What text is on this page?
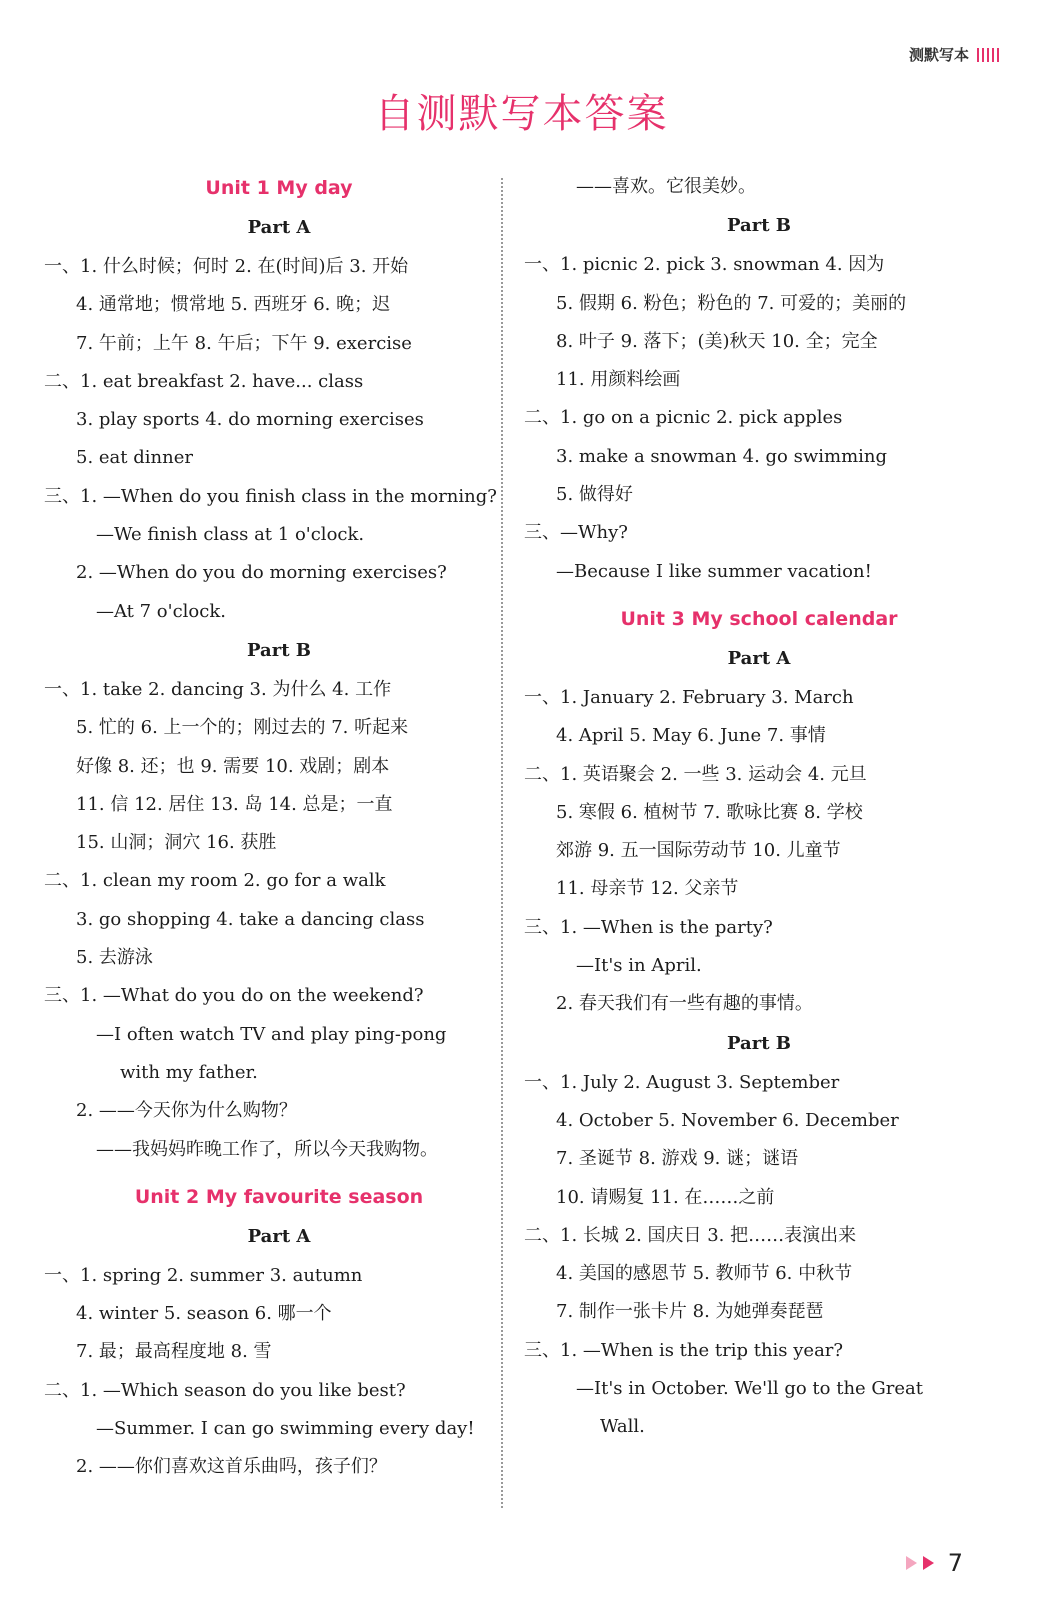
测默写本
自测默写本答案
Unit 1 My day
Part A
一、1. 什么时候；何时 2. 在(时间)后 3. 开始
4. 通常地；惯常地 5. 西班牙 6. 晚；迟
7. 午前；上午 8. 午后；下午 9. exercise
二、1. eat breakfast 2. have... class
3. play sports 4. do morning exercises
5. eat dinner
三、1. —When do you finish class in the morning?
—We finish class at 1 o'clock.
2. —When do you do morning exercises?
—At 7 o'clock.
Part B
一、1. take 2. dancing 3. 为什么 4. 工作
5. 忙的 6. 上一个的；刚过去的 7. 听起来
好像 8. 还；也 9. 需要 10. 戏剧；剧本
11. 信 12. 居住 13. 岛 14. 总是；一直
15. 山洞；洞穴 16. 获胜
二、1. clean my room 2. go for a walk
3. go shopping 4. take a dancing class
5. 去游泳
三、1. —What do you do on the weekend?
—I often watch TV and play ping-pong
with my father.
2. ——今天你为什么购物？
——我妈妈昨晚工作了，所以今天我购物。
Unit 2 My favourite season
Part A
一、1. spring 2. summer 3. autumn
4. winter 5. season 6. 哪一个
7. 最；最高程度地 8. 雪
二、1. —Which season do you like best?
—Summer. I can go swimming every day!
2. ——你们喜欢这首乐曲吗，孩子们？
——喜欢。它很美妙。
Part B
一、1. picnic 2. pick 3. snowman 4. 因为
5. 假期 6. 粉色；粉色的 7. 可爱的；美丽的
8. 叶子 9. 落下；(美)秋天 10. 全；完全
11. 用颜料绘画
二、1. go on a picnic 2. pick apples
3. make a snowman 4. go swimming
5. 做得好
三、—Why?
—Because I like summer vacation!
Unit 3 My school calendar
Part A
一、1. January 2. February 3. March
4. April 5. May 6. June 7. 事情
二、1. 英语聚会 2. 一些 3. 运动会 4. 元旦
5. 寒假 6. 植树节 7. 歌咏比赛 8. 学校
郊游 9. 五一国际劳动节 10. 儿童节
11. 母亲节 12. 父亲节
三、1. —When is the party?
—It's in April.
2. 春天我们有一些有趣的事情。
Part B
一、1. July 2. August 3. September
4. October 5. November 6. December
7. 圣诞节 8. 游戏 9. 谜；谜语
10. 请赐复 11. 在……之前
二、1. 长城 2. 国庆日 3. 把……表演出来
4. 美国的感恩节 5. 教师节 6. 中秋节
7. 制作一张卡片 8. 为她弹奏琵琶
三、1. —When is the trip this year?
—It's in October. We'll go to the Great
Wall.
7
